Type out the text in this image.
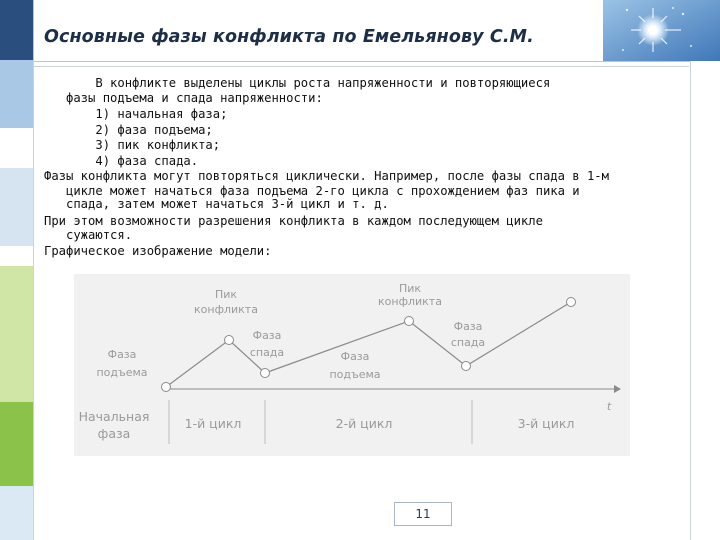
Основные фазы конфликта по Емельянову С.М.
В конфликте выделены циклы роста напряженности и повторяющиеся
фазы подъема и спада напряженности:
1) начальная фаза;
2) фаза подъема;
3) пик конфликта;
4) фаза спада.
Фазы конфликта могут повторяться циклически. Например, после фазы спада в 1-м
цикле может начаться фаза подъема 2-го цикла с прохождением фаз пика и
спада, затем может начаться 3-й цикл и т. д.
При этом возможности разрешения конфликта в каждом последующем цикле
сужаются.
Графическое изображение модели:
Фаза
подъема
Пик
конфликта
Фаза
спада	Фаза
подъема
Пик
конфликта
Фаза
спада
t
Начальная
фаза
1-й цикл	2-й цикл	3-й цикл
11
